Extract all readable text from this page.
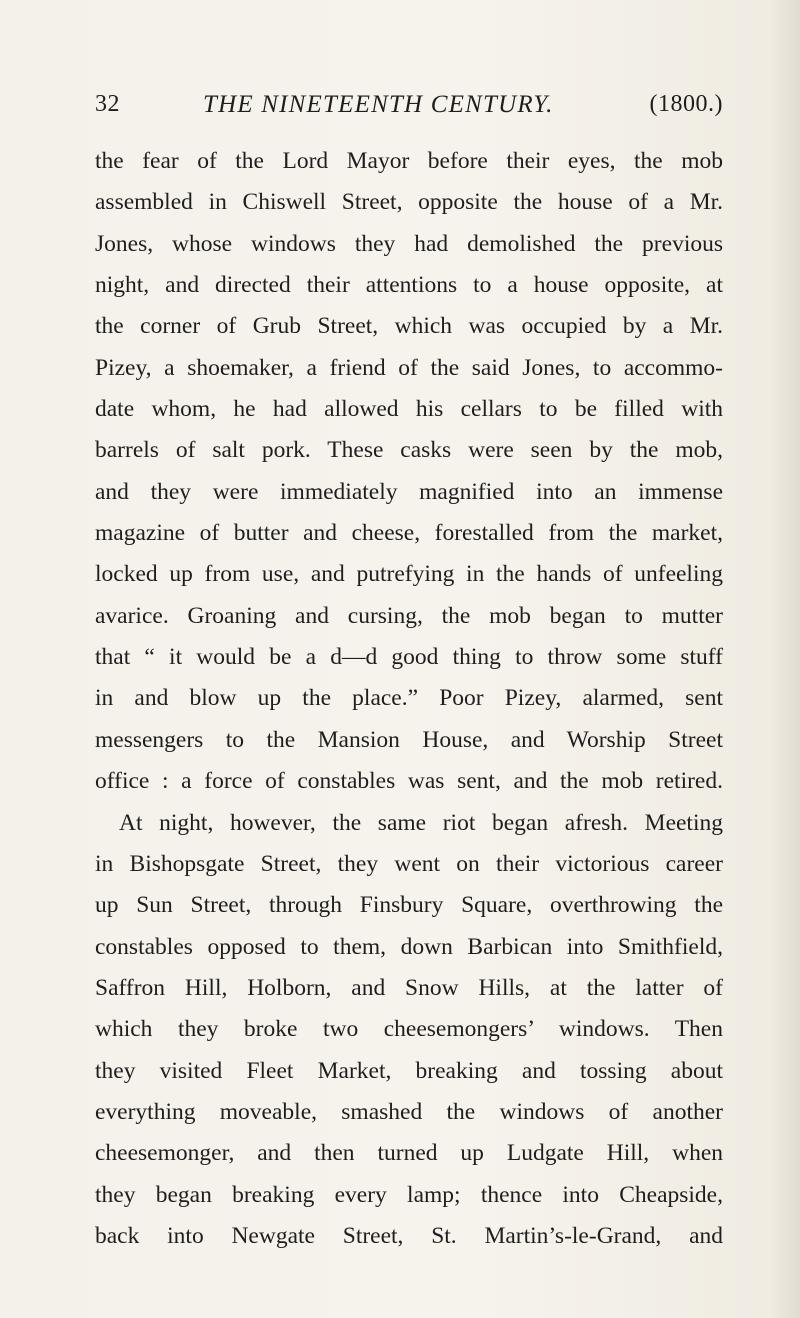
32	THE NINETEENTH CENTURY.	(1800.)
the fear of the Lord Mayor before their eyes, the mob
assembled in Chiswell Street, opposite the house of a Mr.
Jones, whose windows they had demolished the previous
night, and directed their attentions to a house opposite, at
the corner of Grub Street, which was occupied by a Mr.
Pizey, a shoemaker, a friend of the said Jones, to accommo-
date whom, he had allowed his cellars to be filled with
barrels of salt pork. These casks were seen by the mob,
and they were immediately magnified into an immense
magazine of butter and cheese, forestalled from the market,
locked up from use, and putrefying in the hands of unfeeling
avarice. Groaning and cursing, the mob began to mutter
that “ it would be a d—d good thing to throw some stuff
in and blow up the place.” Poor Pizey, alarmed, sent
messengers to the Mansion House, and Worship Street
office : a force of constables was sent, and the mob retired.
At night, however, the same riot began afresh. Meeting
in Bishopsgate Street, they went on their victorious career
up Sun Street, through Finsbury Square, overthrowing the
constables opposed to them, down Barbican into Smithfield,
Saffron Hill, Holborn, and Snow Hills, at the latter of
which they broke two cheesemongers’ windows. Then
they visited Fleet Market, breaking and tossing about
everything moveable, smashed the windows of another
cheesemonger, and then turned up Ludgate Hill, when
they began breaking every lamp; thence into Cheapside,
back into Newgate Street, St. Martin’s-le-Grand, and
